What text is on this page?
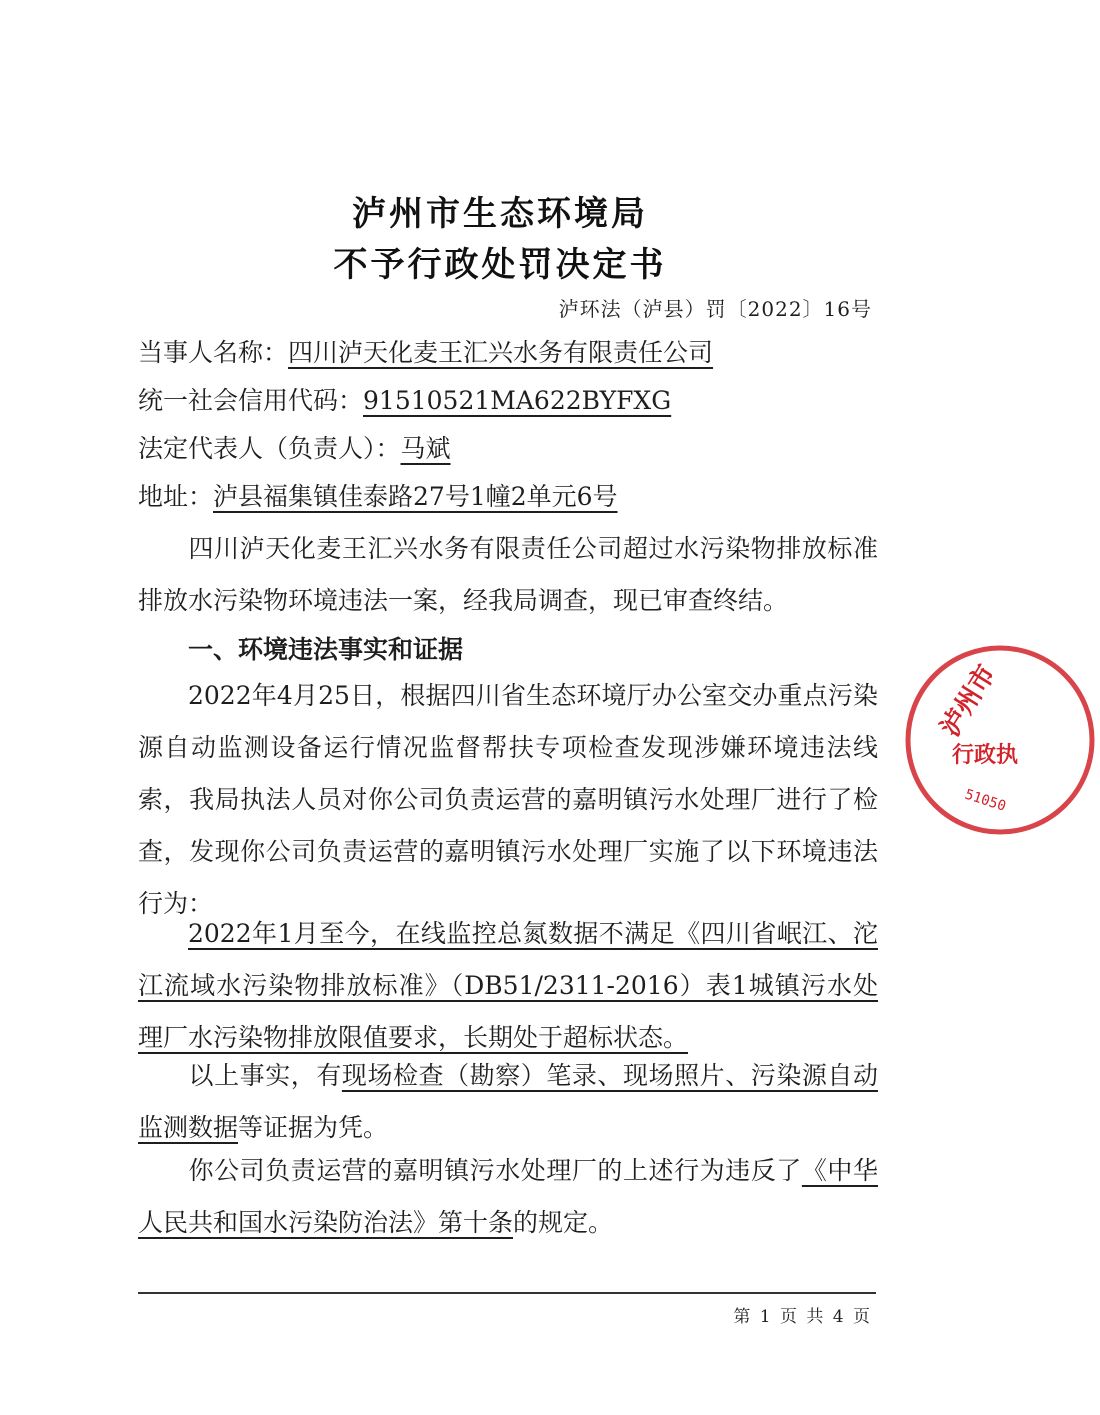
泸州市生态环境局
不予行政处罚决定书
泸环法（泸县）罚〔2022〕16号
当事人名称：四川泸天化麦王汇兴水务有限责任公司
统一社会信用代码：91510521MA622BYFXG
法定代表人（负责人）：马斌
地址：泸县福集镇佳泰路27号1幢2单元6号
四川泸天化麦王汇兴水务有限责任公司超过水污染物排放标准排放水污染物环境违法一案，经我局调查，现已审查终结。
一、环境违法事实和证据
2022年4月25日，根据四川省生态环境厅办公室交办重点污染源自动监测设备运行情况监督帮扶专项检查发现涉嫌环境违法线索，我局执法人员对你公司负责运营的嘉明镇污水处理厂进行了检查，发现你公司负责运营的嘉明镇污水处理厂实施了以下环境违法行为：
2022年1月至今，在线监控总氮数据不满足《四川省岷江、沱江流域水污染物排放标准》（DB51/2311-2016）表1城镇污水处理厂水污染物排放限值要求，长期处于超标状态。
以上事实，有现场检查（勘察）笔录、现场照片、污染源自动监测数据等证据为凭。
你公司负责运营的嘉明镇污水处理厂的上述行为违反了《中华人民共和国水污染防治法》第十条的规定。
第 1 页 共 4 页
泸州市
行政执
51050
